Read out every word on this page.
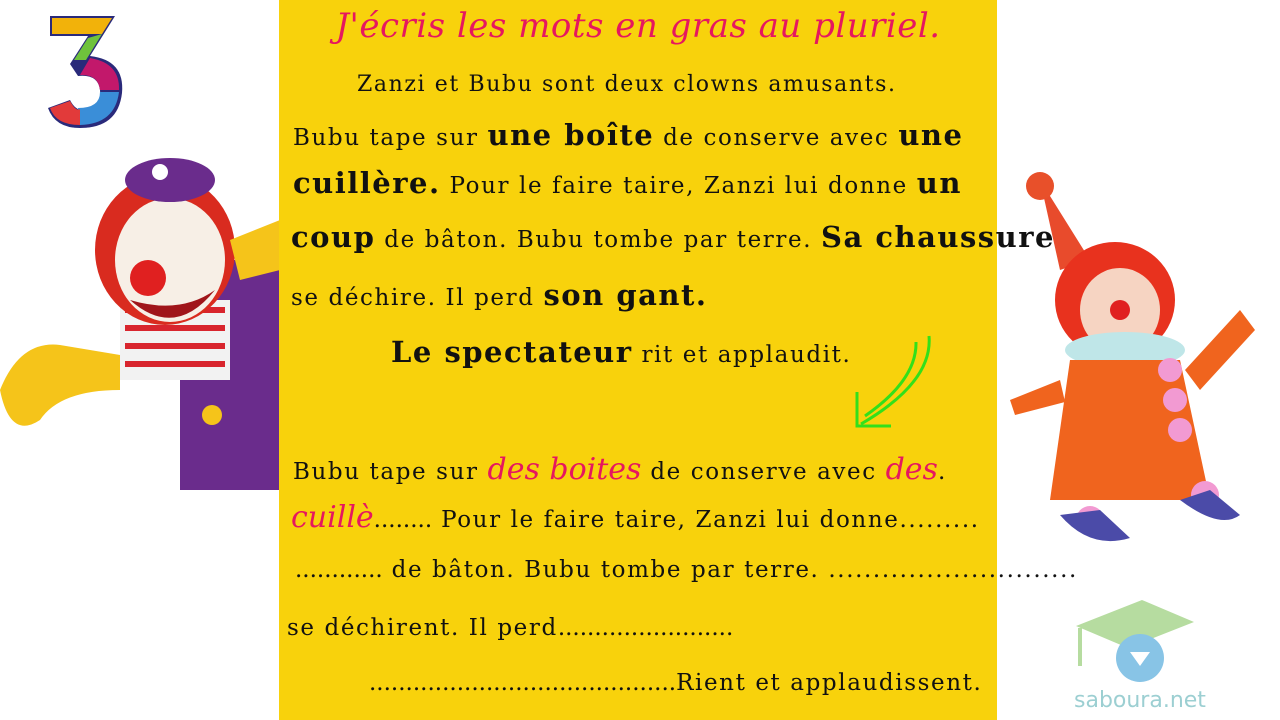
3	J'écris les mots en gras au pluriel.
Zanzi et Bubu sont deux clowns amusants.
Bubu tape sur une boîte de conserve avec une
cuillère. Pour le faire taire, Zanzi lui donne un
coup de bâton. Bubu tombe par terre. Sa chaussure
se déchire. Il perd son gant.
Le spectateur rit et applaudit.
Bubu tape sur des boites de conserve avec des.
cuillè........ Pour le faire taire, Zanzi lui donne.........
............ de bâton. Bubu tombe par terre. ............................
se déchirent. Il perd........................
..........................................Rient et applaudissent.
saboura.net
